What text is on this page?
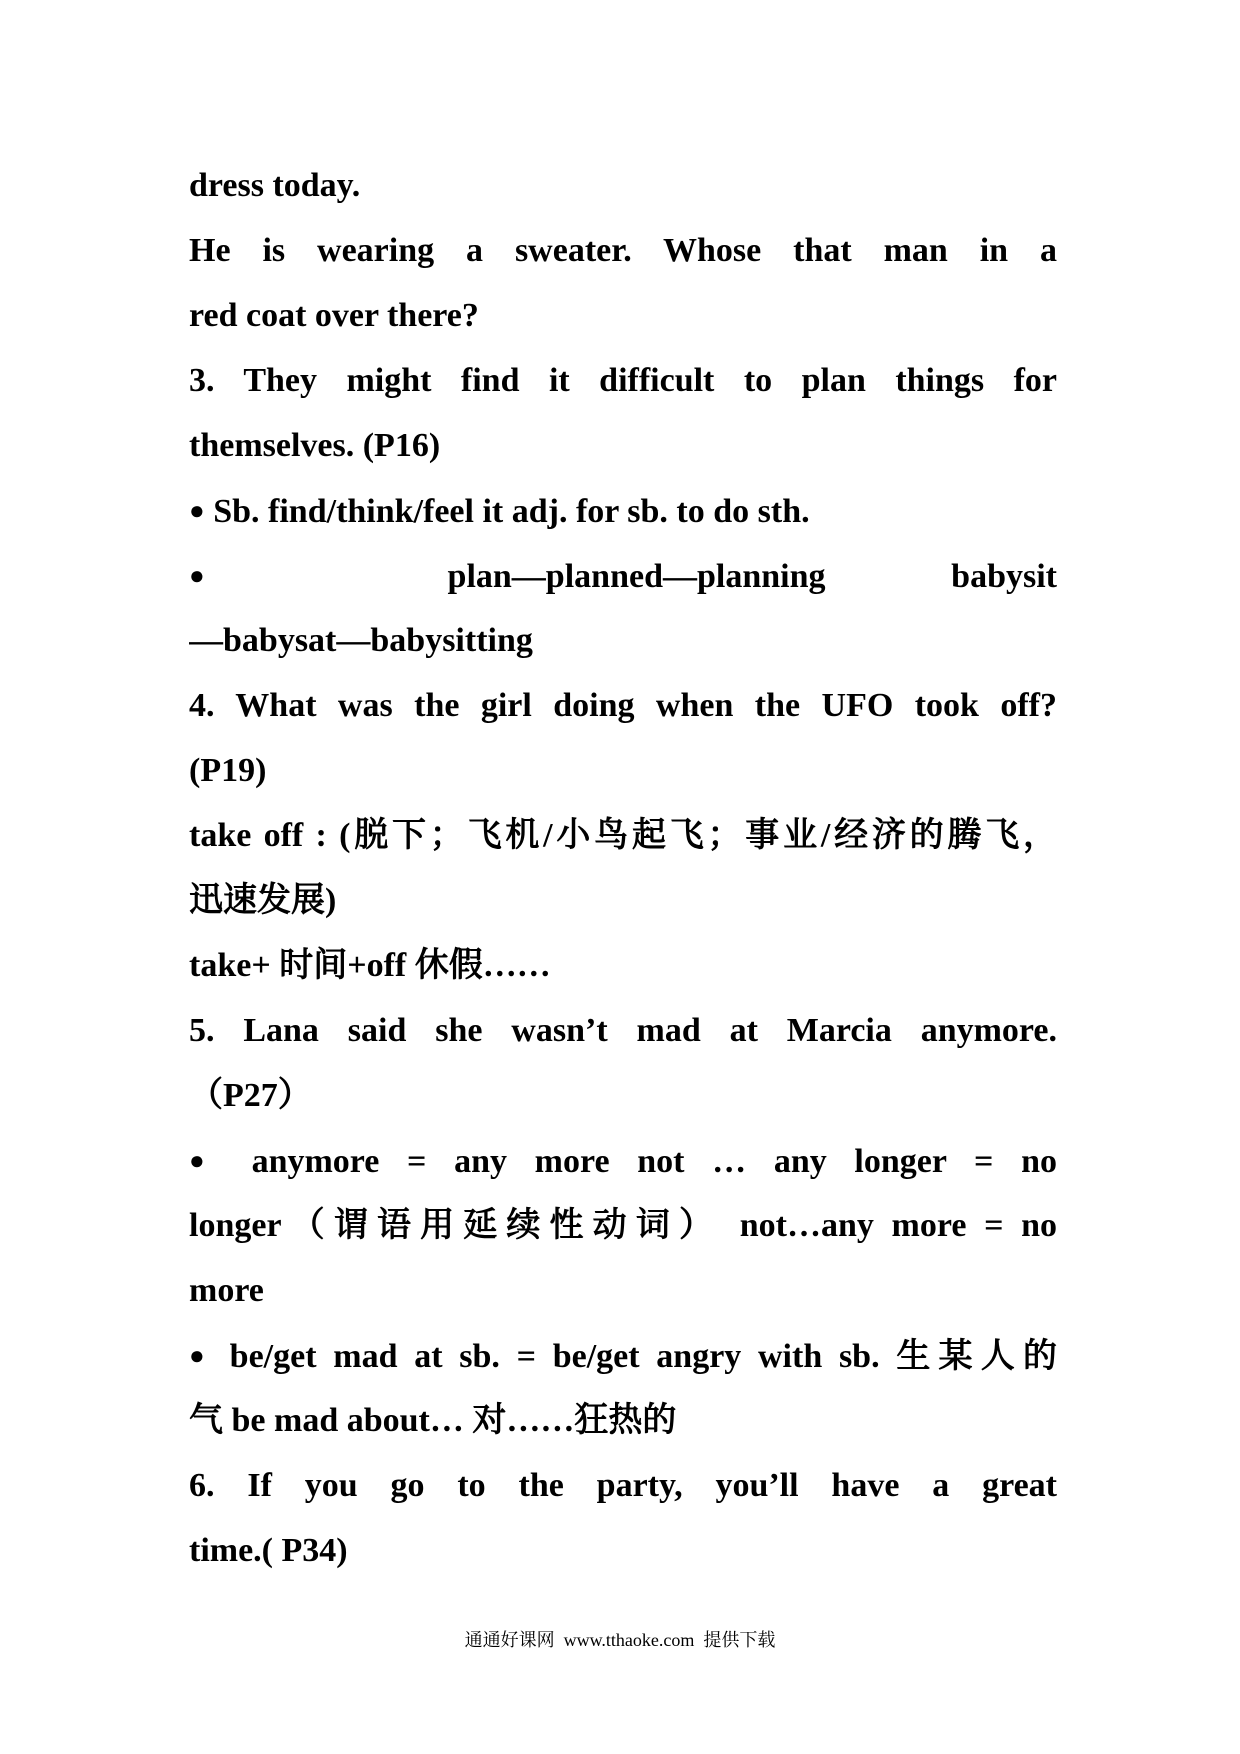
dress today.
He is wearing a sweater. Whose that man in a
red coat over there?
3. They might find it difficult to plan things for
themselves. (P16)
● Sb. find/think/feel it adj. for sb. to do sth.
● plan—planned—planning babysit
—babysat—babysitting
4. What was the girl doing when the UFO took off?
(P19)
take off : (脱下；飞机/小鸟起飞；事业/经济的腾飞，
迅速发展)
take+ 时间+off 休假……
5. Lana said she wasn’t mad at Marcia anymore.
（P27）
● anymore = any more not … any longer = no
longer（谓语用延续性动词） not…any more = no
more
● be/get mad at sb. = be/get angry with sb. 生某人的
气 be mad about… 对……狂热的
6. If you go to the party, you’ll have a great
time.( P34)
通通好课网  www.tthaoke.com  提供下载
